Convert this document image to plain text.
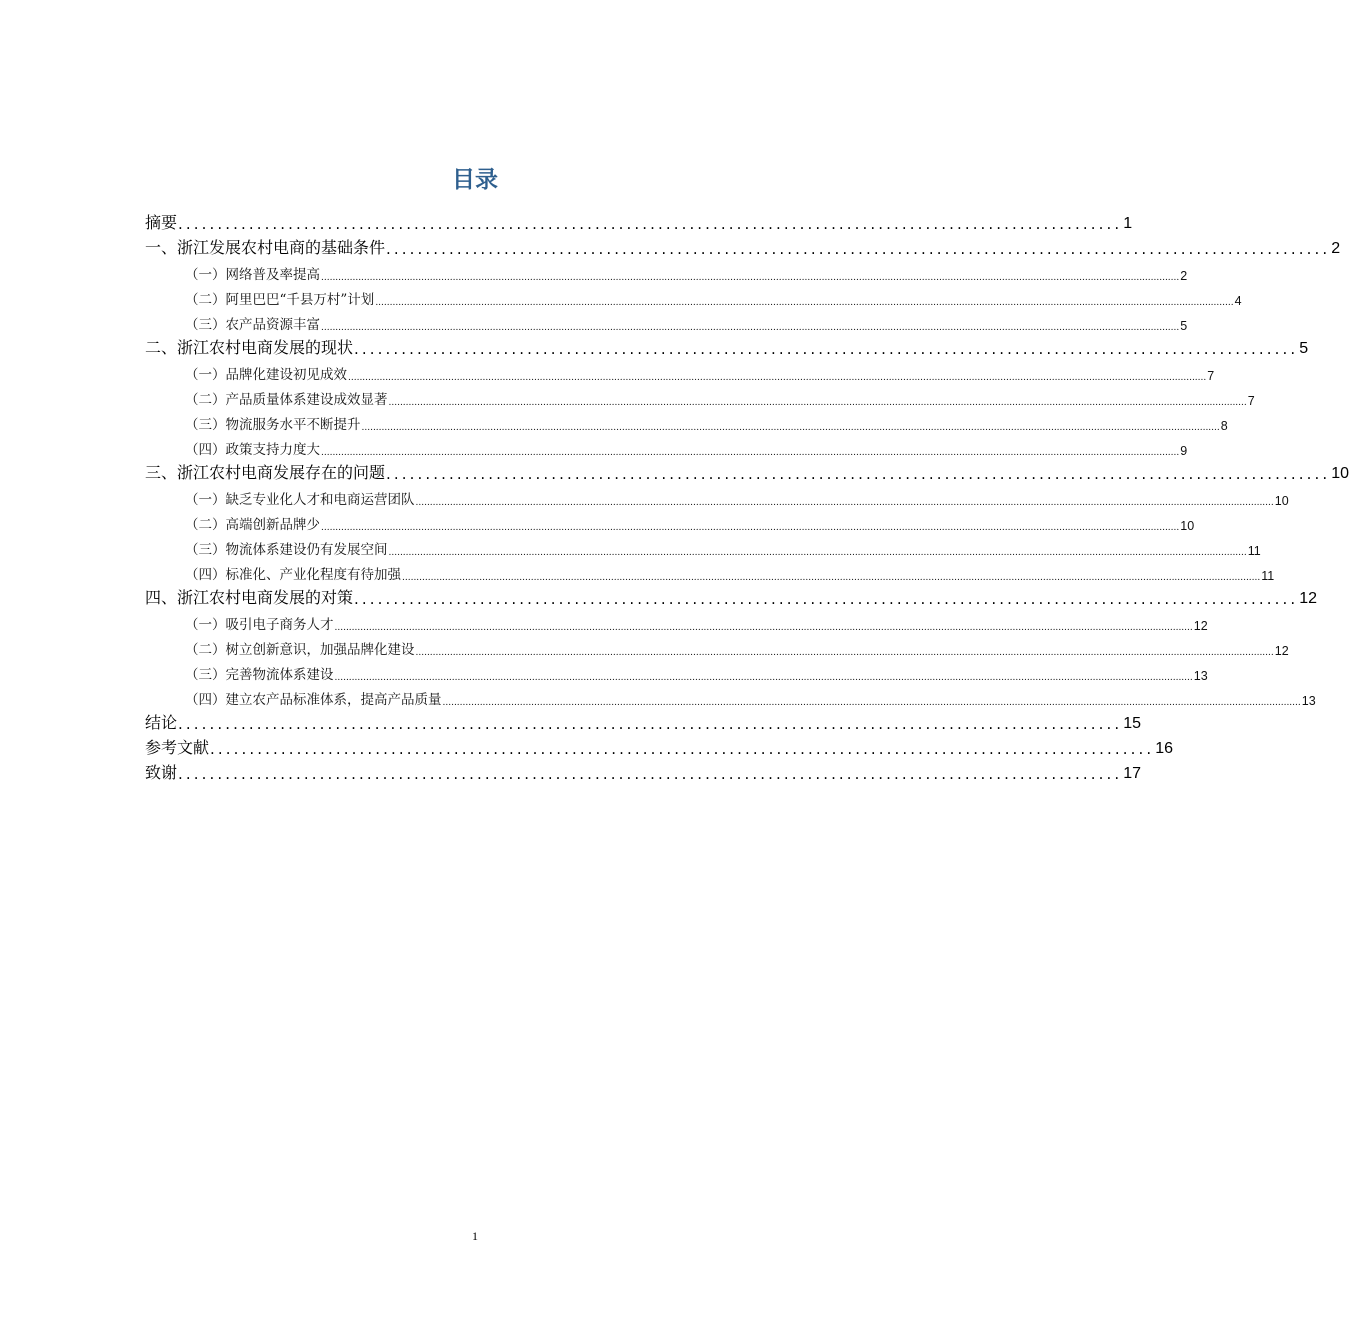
目录
摘要 ........................................................................................................................ 1
一、浙江发展农村电商的基础条件 ........................................................................................................................ 2
（一）网络普及率提高 ............................................................................................................................................................................................................................................................................................................ 2
（二）阿里巴巴“千县万村”计划 ............................................................................................................................................................................................................................................................................................................ 4
（三）农产品资源丰富 ............................................................................................................................................................................................................................................................................................................ 5
二、浙江农村电商发展的现状 ........................................................................................................................ 5
（一）品牌化建设初见成效 ............................................................................................................................................................................................................................................................................................................ 7
（二）产品质量体系建设成效显著 ............................................................................................................................................................................................................................................................................................................ 7
（三）物流服务水平不断提升 ............................................................................................................................................................................................................................................................................................................ 8
（四）政策支持力度大 ............................................................................................................................................................................................................................................................................................................ 9
三、浙江农村电商发展存在的问题 ........................................................................................................................ 10
（一）缺乏专业化人才和电商运营团队 ............................................................................................................................................................................................................................................................................................................ 10
（二）高端创新品牌少 ............................................................................................................................................................................................................................................................................................................ 10
（三）物流体系建设仍有发展空间 ............................................................................................................................................................................................................................................................................................................ 11
（四）标准化、产业化程度有待加强 ............................................................................................................................................................................................................................................................................................................ 11
四、浙江农村电商发展的对策 ........................................................................................................................ 12
（一）吸引电子商务人才 ............................................................................................................................................................................................................................................................................................................ 12
（二）树立创新意识，加强品牌化建设 ............................................................................................................................................................................................................................................................................................................ 12
（三）完善物流体系建设 ............................................................................................................................................................................................................................................................................................................ 13
（四）建立农产品标准体系，提高产品质量 ............................................................................................................................................................................................................................................................................................................ 13
结论 ........................................................................................................................ 15
参考文献 ........................................................................................................................ 16
致谢 ........................................................................................................................ 17
1
